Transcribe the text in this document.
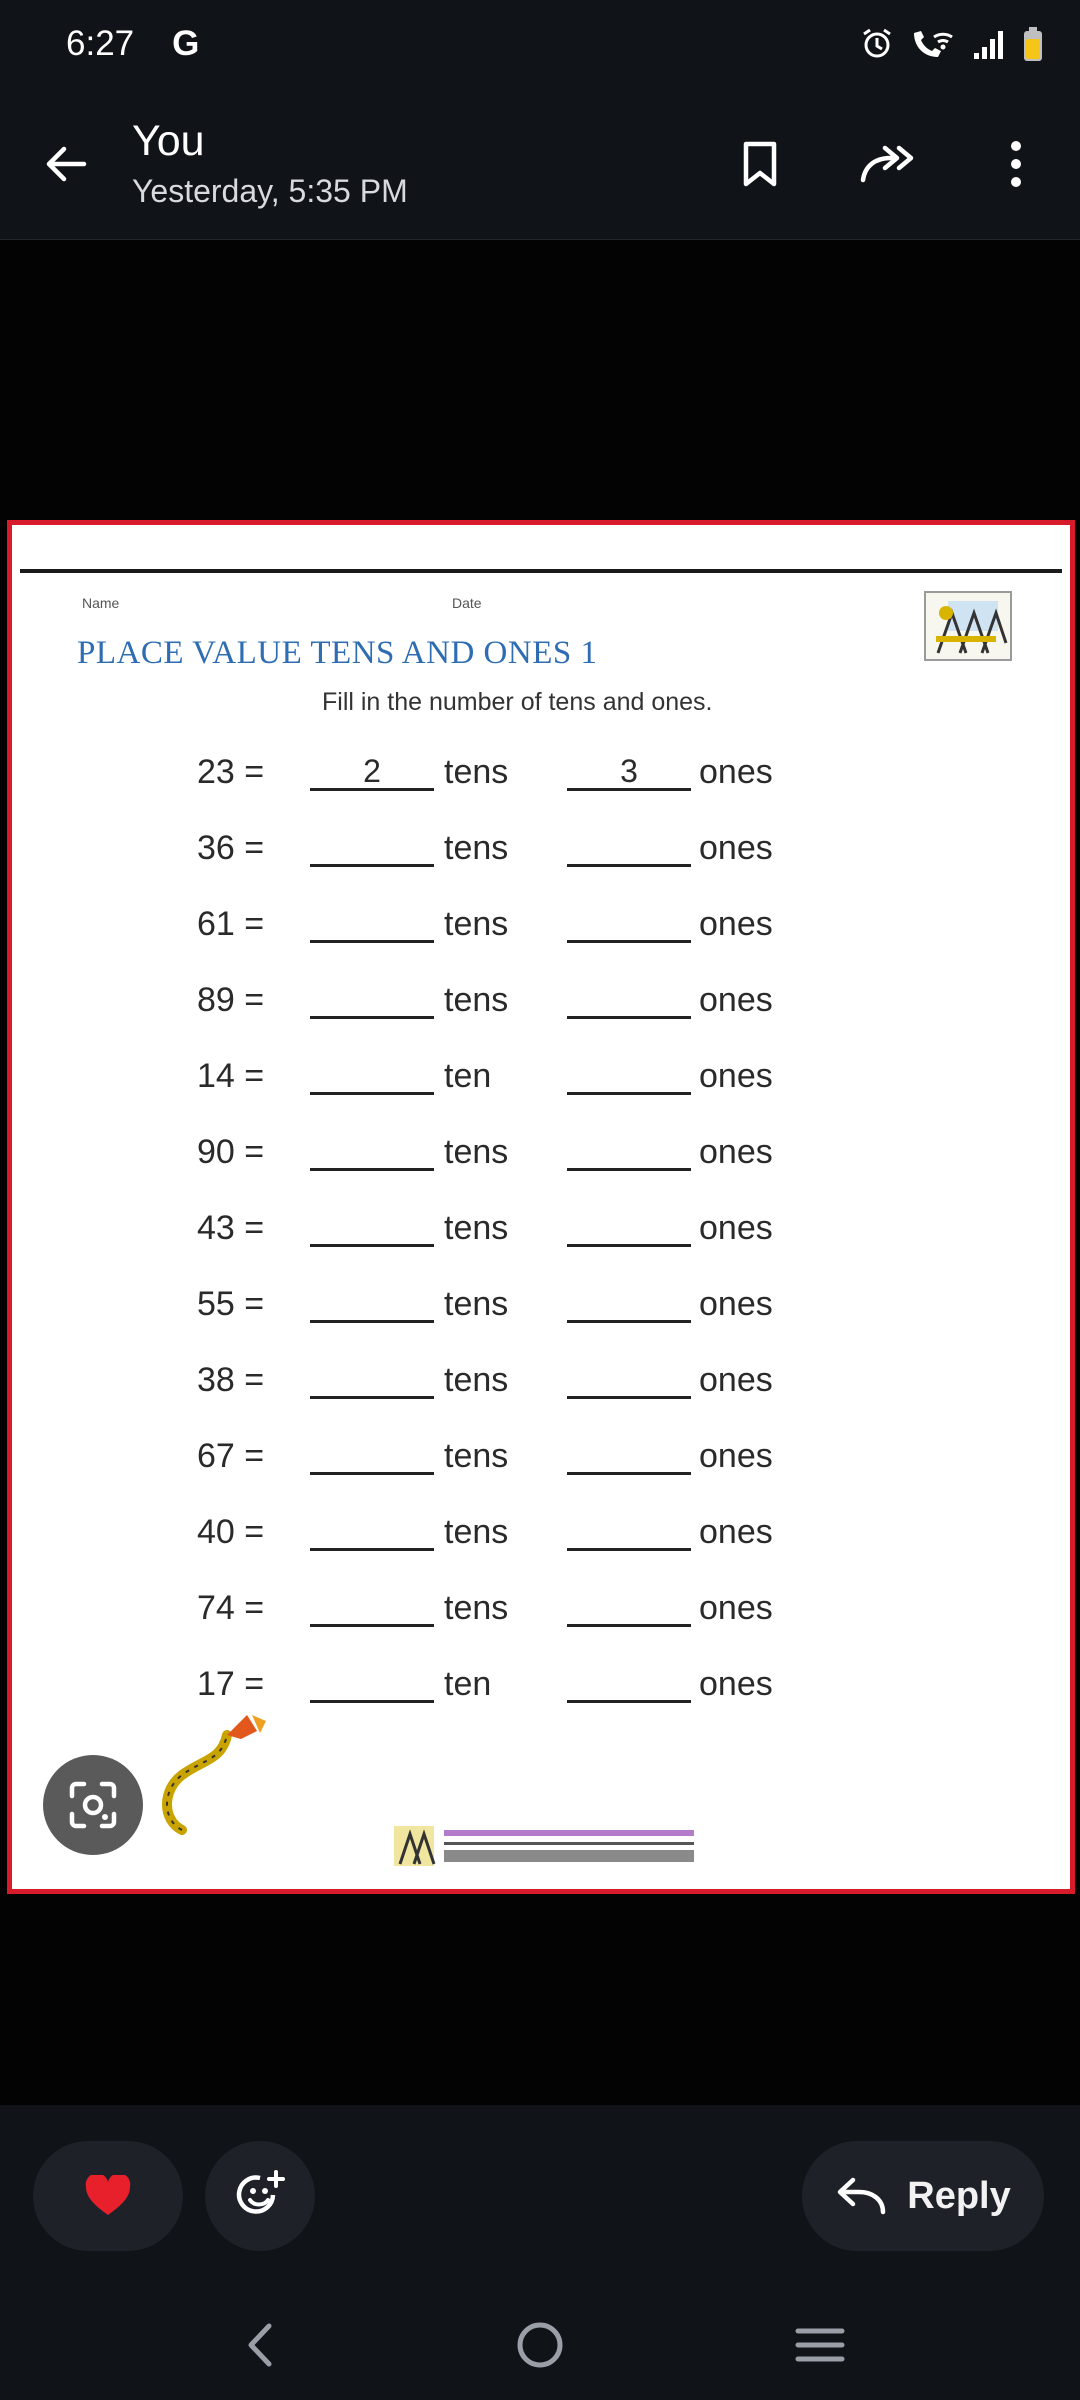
6:27 G
You
Yesterday, 5:35 PM
Name	Date
PLACE VALUE TENS AND ONES 1
Fill in the number of tens and ones.
23 =	2	tens	3	ones
36 =	tens	ones
61 =	tens	ones
89 =	tens	ones
14 =	ten	ones
90 =	tens	ones
43 =	tens	ones
55 =	tens	ones
38 =	tens	ones
67 =	tens	ones
40 =	tens	ones
74 =	tens	ones
17 =	ten	ones
Reply
